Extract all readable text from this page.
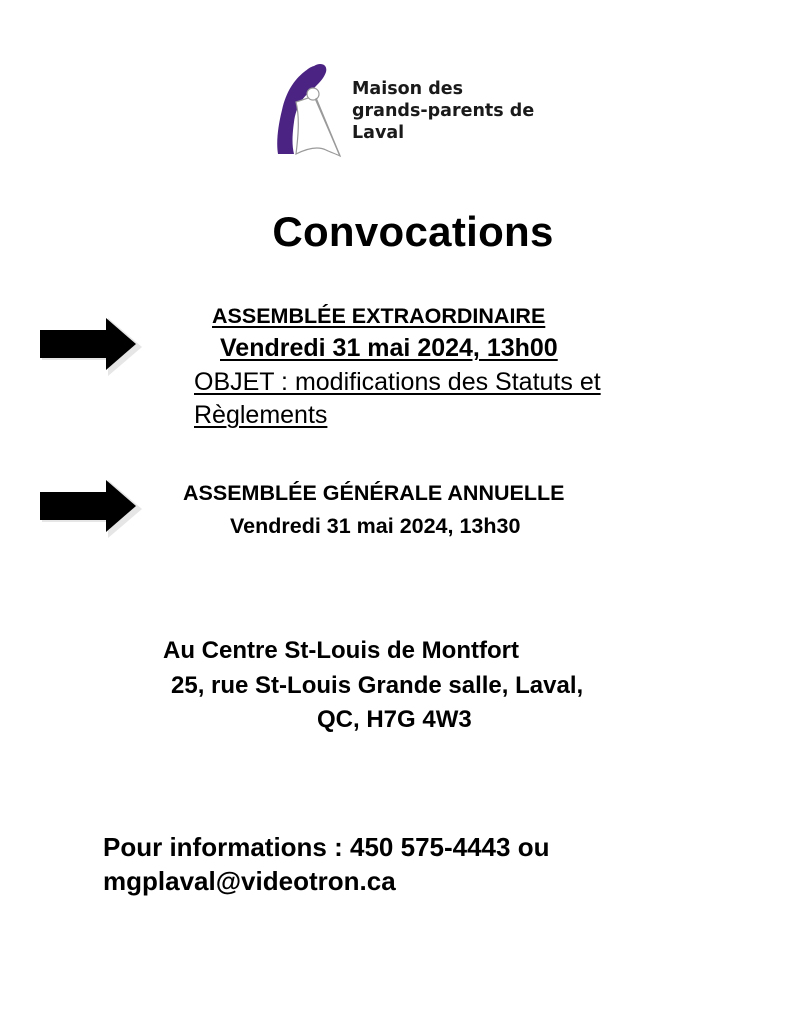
Maison des
grands-parents de
Laval
Convocations
ASSEMBLÉE EXTRAORDINAIRE
Vendredi 31 mai 2024, 13h00
OBJET : modifications des Statuts et
Règlements
ASSEMBLÉE GÉNÉRALE ANNUELLE
Vendredi 31 mai 2024, 13h30
Au Centre St-Louis de Montfort
25, rue St-Louis Grande salle, Laval,
QC, H7G 4W3
Pour informations : 450 575-4443 ou
mgplaval@videotron.ca
